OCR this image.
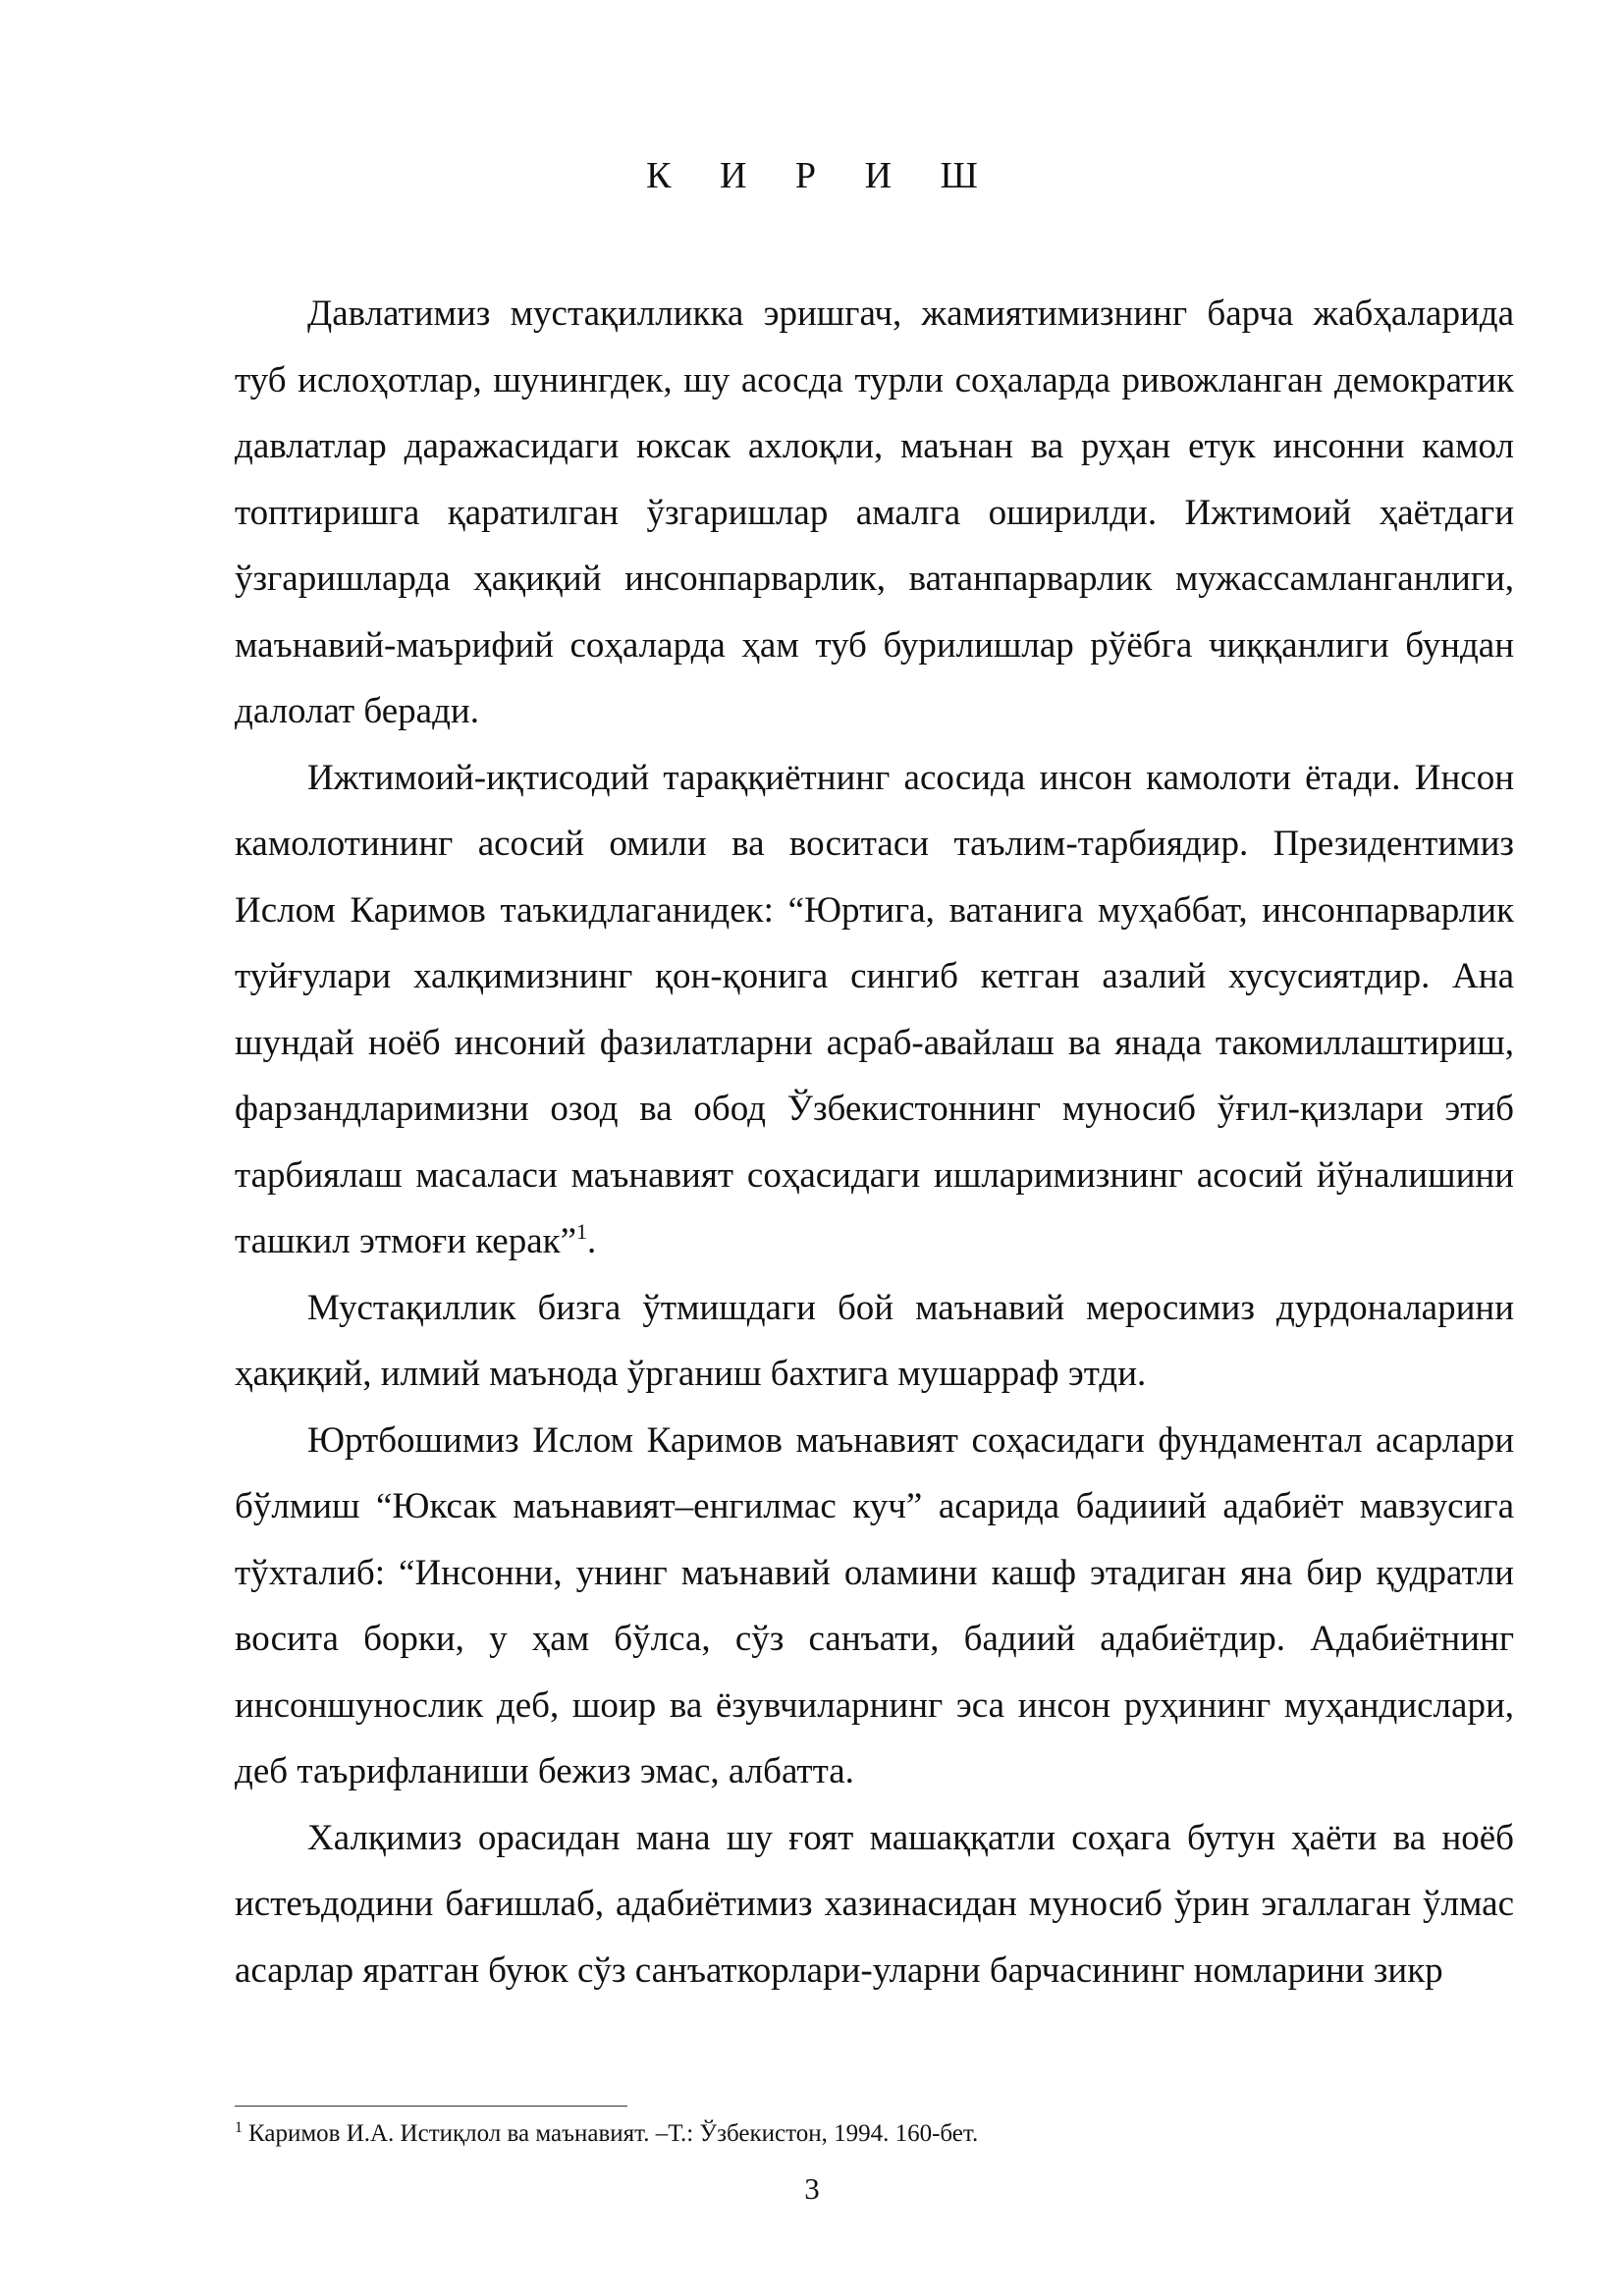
К И Р И Ш

Давлатимиз мустақилликка эришгач, жамиятимизнинг барча жабҳаларида туб ислоҳотлар, шунингдек, шу асосда турли соҳаларда ривожланган демократик давлатлар даражасидаги юксак ахлоқли, маънан ва руҳан етук инсонни камол топтиришга қаратилган ўзгаришлар амалга оширилди. Ижтимоий ҳаётдаги ўзгаришларда ҳақиқий инсонпарварлик, ватанпарварлик мужассамланганлиги, маънавий-маърифий соҳаларда ҳам туб бурилишлар рўёбга чиққанлиги бундан далолат беради.

Ижтимоий-иқтисодий тараққиётнинг асосида инсон камолоти ётади. Инсон камолотининг асосий омили ва воситаси таълим-тарбиядир. Президентимиз Ислом Каримов таъкидлаганидек: “Юртига, ватанига муҳаббат, инсонпарварлик туйғулари халқимизнинг қон-қонига сингиб кетган азалий хусусиятдир. Ана шундай ноёб инсоний фазилатларни асраб-авайлаш ва янада такомиллаштириш, фарзандларимизни озод ва обод Ўзбекистоннинг муносиб ўғил-қизлари этиб тарбиялаш масаласи маънавият соҳасидаги ишларимизнинг асосий йўналишини ташкил этмоғи керак”$^1$.

Мустақиллик бизга ўтмишдаги бой маънавий меросимиз дурдоналарини ҳақиқий, илмий маънода ўрганиш бахтига мушарраф этди.

Юртбошимиз Ислом Каримов маънавият соҳасидаги фундаментал асарлари бўлмиш “Юксак маънавият–енгилмас куч” асарида бадииий адабиёт мавзусига тўхталиб: “Инсонни, унинг маънавий оламини кашф этадиган яна бир қудратли восита борки, у ҳам бўлса, сўз санъати, бадиий адабиётдир. Адабиётнинг инсоншунослик деб, шоир ва ёзувчиларнинг эса инсон руҳининг муҳандислари, деб таърифланиши бежиз эмас, албатта.

Халқимиз орасидан мана шу ғоят машаққатли соҳага бутун ҳаёти ва ноёб истеъдодини бағишлаб, адабиётимиз хазинасидан муносиб ўрин эгаллаган ўлмас асарлар яратган буюк сўз санъаткорлари-уларни барчасининг номларини зикр

$^1$ Каримов И.А. Истиқлол ва маънавият. –Т.: Ўзбекистон, 1994. 160-бет.
3
